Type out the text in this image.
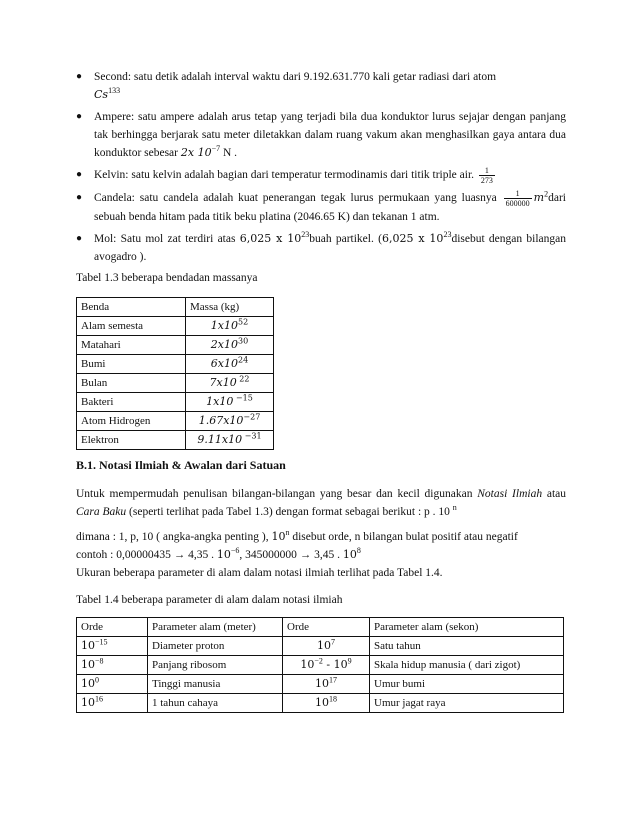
● Second: satu detik adalah interval waktu dari 9.192.631.770 kali getar radiasi dari atom
Cs$^{133}$
● Ampere: satu ampere adalah arus tetap yang terjadi bila dua konduktor lurus sejajar dengan panjang tak berhingga berjarak satu meter diletakkan dalam ruang vakum akan menghasilkan gaya antara dua konduktor sebesar 2x $10^{-7}$ N .
● Kelvin: satu kelvin adalah bagian dari temperatur termodinamis dari titik triple air. $\frac{1}{273}$
● Candela: satu candela adalah kuat penerangan tegak lurus permukaan yang luasnya $\frac{1}{600000}$ $m^2dari$ sebuah benda hitam pada titik beku platina (2046.65 K) dan tekanan 1 atm.
● Mol: Satu mol zat terdiri atas 6,025 x $10^{23}buah$ partikel. (6,025 x $10^{23}disebut$ dengan bilangan avogadro ).
Tabel 1.3 beberapa bendadan massanya
Benda	Massa (kg)
Alam semesta	$1x10^{52}$
Matahari	$2x10^{30}$
Bumi	$6x10^{24}$
Bulan	7x10 $^{22}$
Bakteri	1x10 $^{-15}$
Atom Hidrogen	$1.67x10^{-27}$
Elektron	9.11x10 $^{-31}$
B.1. Notasi Ilmiah & Awalan dari Satuan
Untuk mempermudah penulisan bilangan-bilangan yang besar dan kecil digunakan Notasi Ilmiah atau Cara Baku (seperti terlihat pada Tabel 1.3) dengan format sebagai berikut : p . 10 $^n$
dimana : 1, p, 10 ( angka-angka penting ), 10$^n$ disebut orde, n bilangan bulat positif atau negatif
contoh : 0,00000435 → 4,35 . $10^{-6}$, 345000000 → 3,45 . $10^8$
Ukuran beberapa parameter di alam dalam notasi ilmiah terlihat pada Tabel 1.4.
Tabel 1.4 beberapa parameter di alam dalam notasi ilmiah
Orde	Parameter alam (meter)	Orde	Parameter alam (sekon)
$10^{-15}$	Diameter proton	$10^7$	Satu tahun
$10^{-8}$	Panjang ribosom	$10^{-2} - 10^9$	Skala hidup manusia ( dari zigot)
$10^0$	Tinggi manusia	$10^{17}$	Umur bumi
$10^{16}$	1 tahun cahaya	$10^{18}$	Umur jagat raya
